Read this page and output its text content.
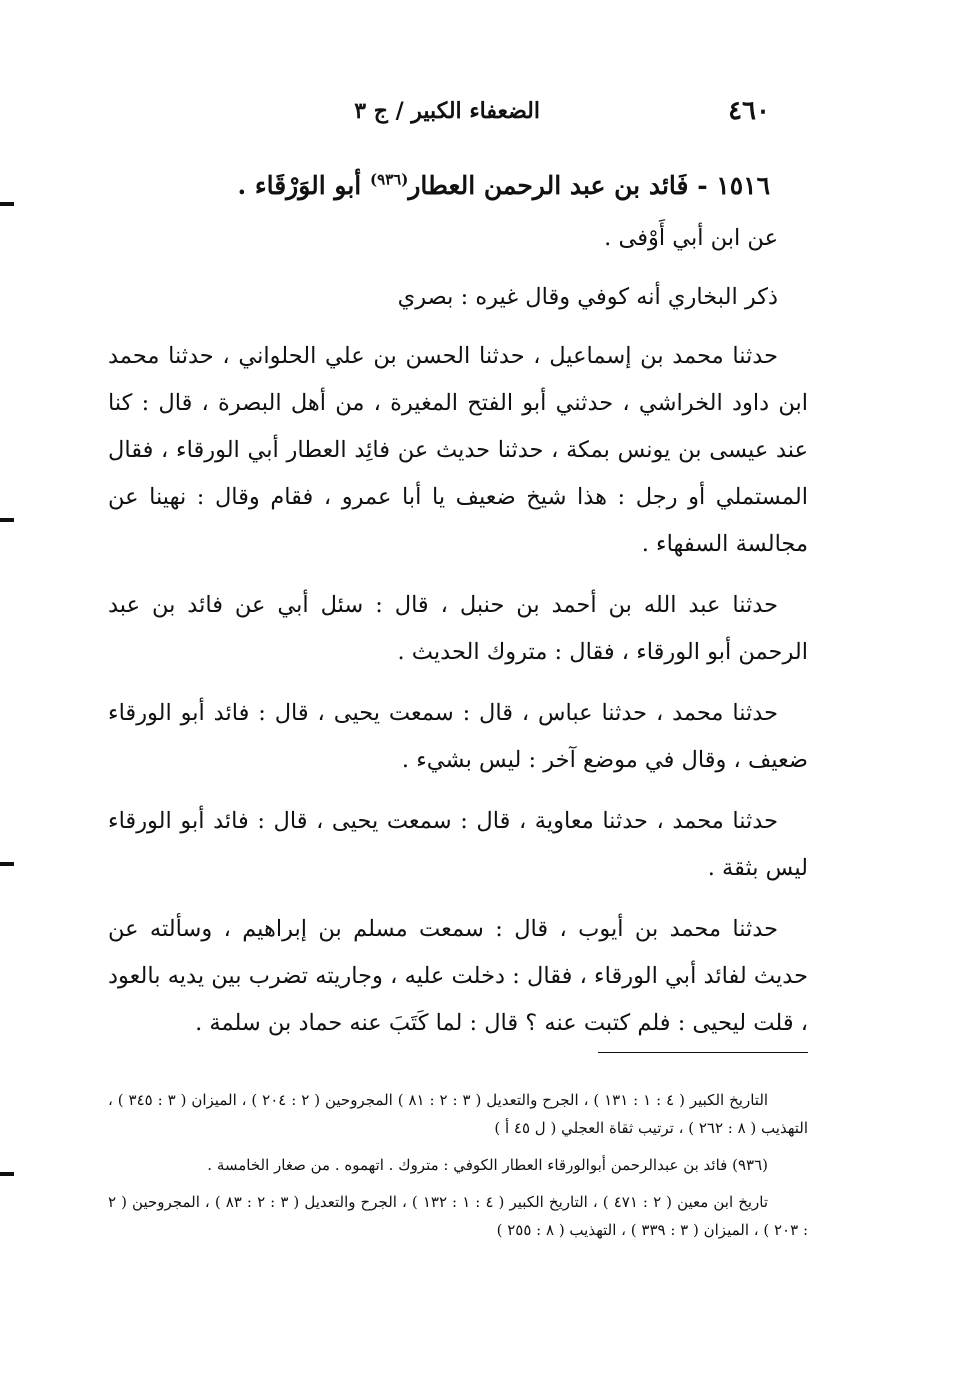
٤٦٠
الضعفاء الكبير / ج ٣

١٥١٦ - فَائد بن عبد الرحمن العطار$^{(٩٣٦)}$ أبو الوَرْقَاء .

عن ابن أبي أَوْفى .

ذكر البخاري أنه كوفي وقال غيره : بصري

حدثنا محمد بن إسماعيل ، حدثنا الحسن بن علي الحلواني ، حدثنا محمد ابن داود الخراشي ، حدثني أبو الفتح المغيرة ، من أهل البصرة ، قال : كنا عند عيسى بن يونس بمكة ، حدثنا حديث عن فائِد العطار أبي الورقاء ، فقال المستملي أو رجل : هذا شيخ ضعيف يا أبا عمرو ، فقام وقال : نهينا عن مجالسة السفهاء .

حدثنا عبد الله بن أحمد بن حنبل ، قال : سئل أبي عن فائد بن عبد الرحمن أبو الورقاء ، فقال : متروك الحديث .

حدثنا محمد ، حدثنا عباس ، قال : سمعت يحيى ، قال : فائد أبو الورقاء ضعيف ، وقال في موضع آخر : ليس بشيء .

حدثنا محمد ، حدثنا معاوية ، قال : سمعت يحيى ، قال : فائد أبو الورقاء ليس بثقة .

حدثنا محمد بن أيوب ، قال : سمعت مسلم بن إبراهيم ، وسألته عن حديث لفائد أبي الورقاء ، فقال : دخلت عليه ، وجاريته تضرب بين يديه بالعود ، قلت ليحيى : فلم كتبت عنه ؟ قال : لما كَتَبَ عنه حماد بن سلمة .

التاريخ الكبير ( ٤ : ١ : ١٣١ ) ، الجرح والتعديل ( ٣ : ٢ : ٨١ ) المجروحين ( ٢ : ٢٠٤ ) ، الميزان ( ٣ : ٣٤٥ ) ، التهذيب ( ٨ : ٢٦٢ ) ، ترتيب ثقاة العجلي ( ل ٤٥ أ )

(٩٣٦) فائد بن عبدالرحمن أبوالورقاء العطار الكوفي : متروك . اتهموه . من صغار الخامسة .

تاريخ ابن معين ( ٢ : ٤٧١ ) ، التاريخ الكبير ( ٤ : ١ : ١٣٢ ) ، الجرح والتعديل ( ٣ : ٢ : ٨٣ ) ، المجروحين ( ٢ : ٢٠٣ ) ، الميزان ( ٣ : ٣٣٩ ) ، التهذيب ( ٨ : ٢٥٥ )
